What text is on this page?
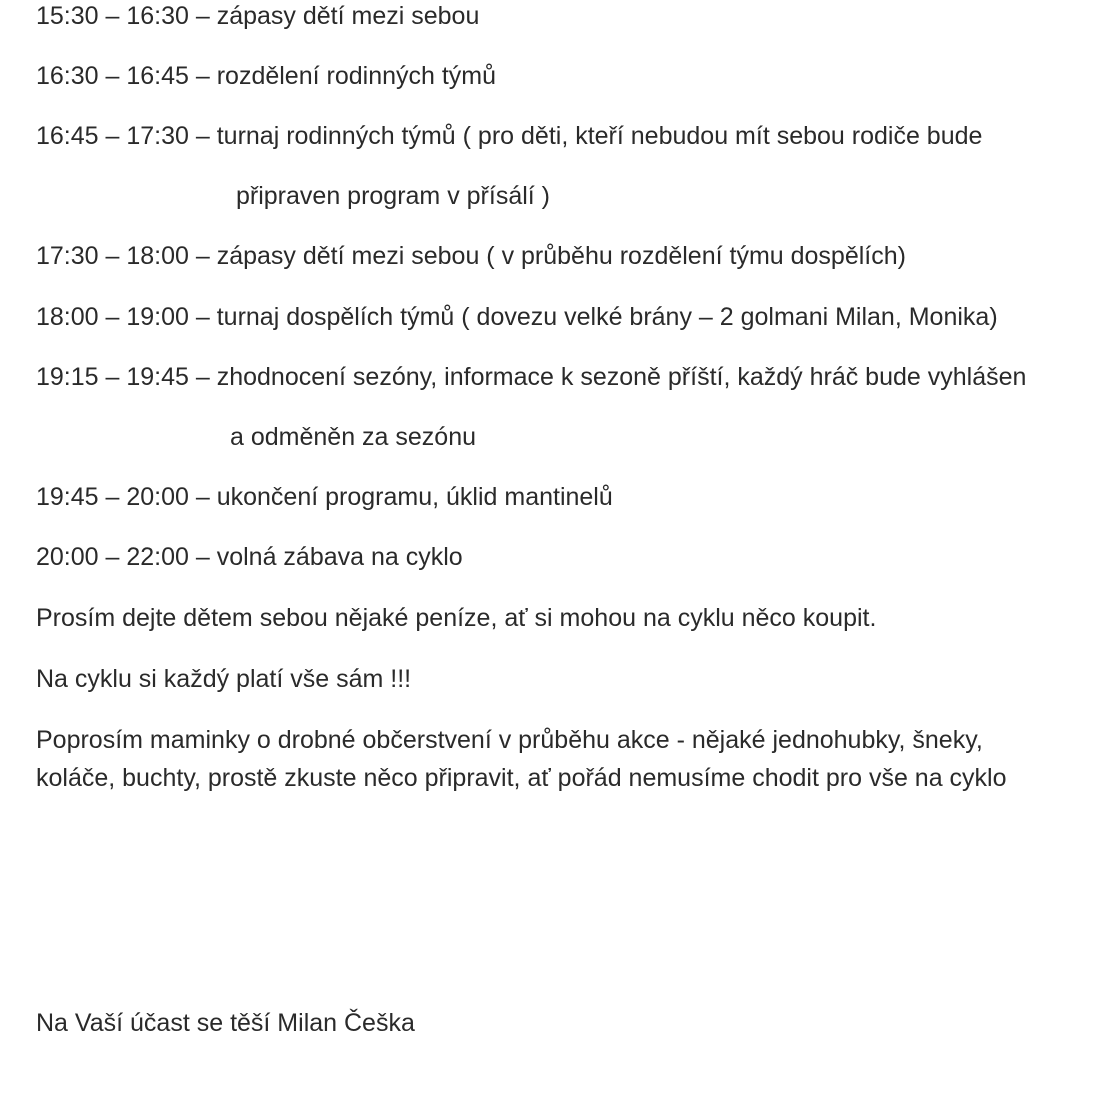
15:30 – 16:30 – zápasy dětí mezi sebou

16:30 – 16:45 – rozdělení rodinných týmů

16:45 – 17:30 – turnaj rodinných týmů ( pro děti, kteří nebudou mít sebou rodiče bude

připraven program v přísálí )

17:30 – 18:00 – zápasy dětí mezi sebou ( v průběhu rozdělení týmu dospělích)

18:00 – 19:00 – turnaj dospělích týmů ( dovezu velké brány – 2 golmani Milan, Monika)

19:15 – 19:45 – zhodnocení sezóny, informace k sezoně příští, každý hráč bude vyhlášen

a odměněn za sezónu

19:45 – 20:00 – ukončení programu, úklid mantinelů

20:00 – 22:00 – volná zábava na cyklo

Prosím dejte dětem sebou nějaké peníze, ať si mohou na cyklu něco koupit.

Na cyklu si každý platí vše sám !!!

Poprosím maminky o drobné občerstvení v průběhu akce - nějaké jednohubky, šneky,

koláče, buchty, prostě zkuste něco připravit, ať pořád nemusíme chodit pro vše na cyklo

Na Vaší účast se těší Milan Češka
